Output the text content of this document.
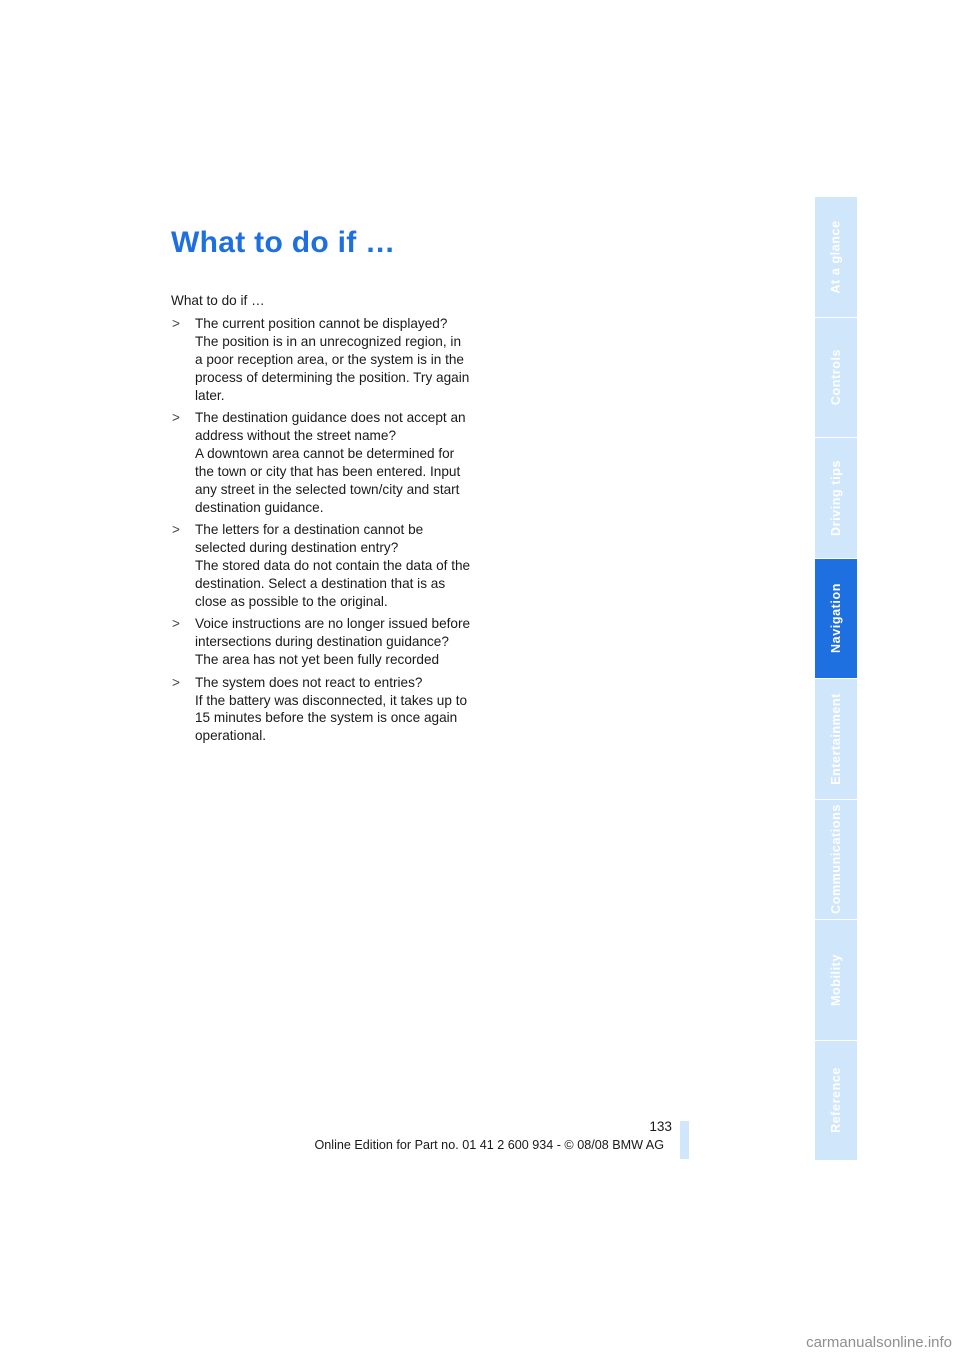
What to do if …

What to do if …

> The current position cannot be displayed?
The position is in an unrecognized region, in a poor reception area, or the system is in the process of determining the position. Try again later.
> The destination guidance does not accept an address without the street name?
A downtown area cannot be determined for the town or city that has been entered. Input any street in the selected town/city and start destination guidance.
> The letters for a destination cannot be selected during destination entry?
The stored data do not contain the data of the destination. Select a destination that is as close as possible to the original.
> Voice instructions are no longer issued before intersections during destination guidance?
The area has not yet been fully recorded
> The system does not react to entries?
If the battery was disconnected, it takes up to 15 minutes before the system is once again operational.
At a glance
Controls
Driving tips
Navigation
Entertainment
Communications
Mobility
Reference
133
Online Edition for Part no. 01 41 2 600 934 - © 08/08 BMW AG
carmanualsonline.info
